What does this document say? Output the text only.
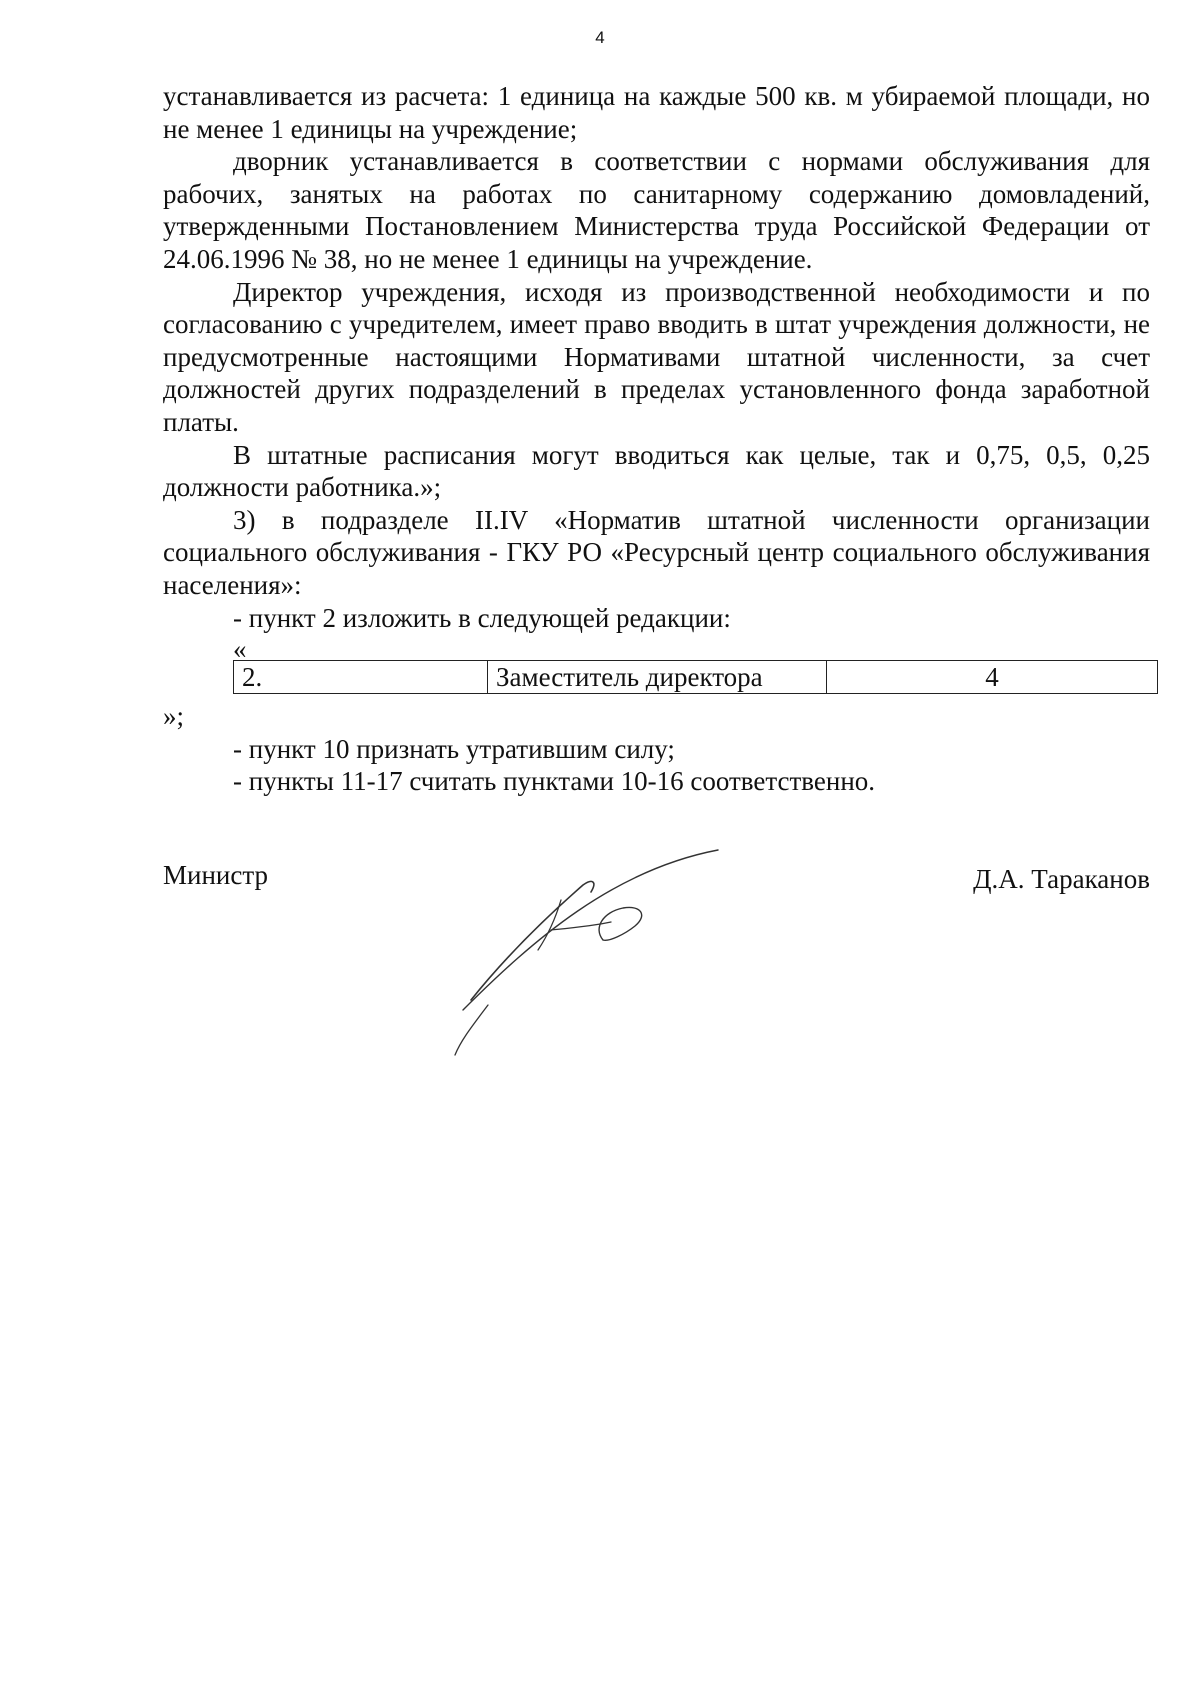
4

устанавливается из расчета: 1 единица на каждые 500 кв. м убираемой площади, но не менее 1 единицы на учреждение;

дворник устанавливается в соответствии с нормами обслуживания для рабочих, занятых на работах по санитарному содержанию домовладений, утвержденными Постановлением Министерства труда Российской Федерации от 24.06.1996 № 38, но не менее 1 единицы на учреждение.

Директор учреждения, исходя из производственной необходимости и по согласованию с учредителем, имеет право вводить в штат учреждения должности, не предусмотренные настоящими Нормативами штатной численности, за счет должностей других подразделений в пределах установленного фонда заработной платы.

В штатные расписания могут вводиться как целые, так и 0,75, 0,5, 0,25 должности работника.»;

3) в подразделе II.IV «Норматив штатной численности организации социального обслуживания - ГКУ РО «Ресурсный центр социального обслуживания населения»:

- пункт 2 изложить в следующей редакции:

«

2.	Заместитель директора	4

»;

- пункт 10 признать утратившим силу;

- пункты 11-17 считать пунктами 10-16 соответственно.

Министр	Д.А. Тараканов
